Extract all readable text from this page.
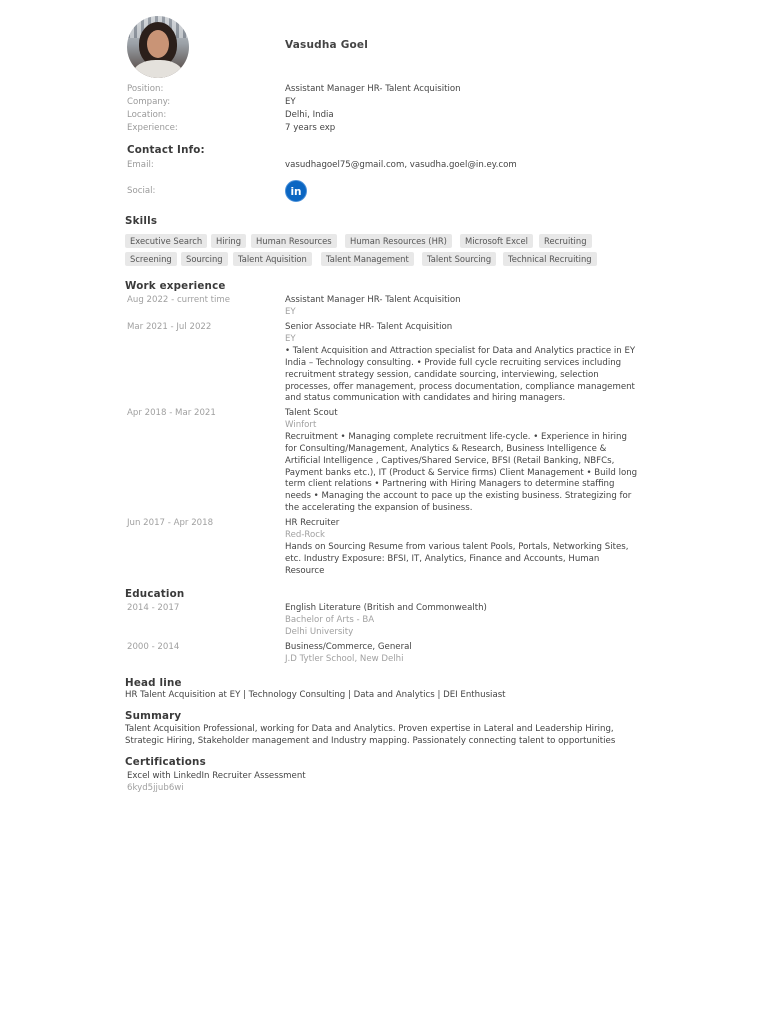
Vasudha Goel
Position:	Assistant Manager HR- Talent Acquisition
Company:	EY
Location:	Delhi, India
Experience:	7 years exp
Contact Info:
Email:	vasudhagoel75@gmail.com, vasudha.goel@in.ey.com
Social:	in
Skills
Executive Search	Hiring	Human Resources	Human Resources (HR)	Microsoft Excel	Recruiting
Screening	Sourcing	Talent Aquisition	Talent Management	Talent Sourcing	Technical Recruiting
Work experience
Aug 2022 - current time	Assistant Manager HR- Talent Acquisition
EY
Mar 2021 - Jul 2022	Senior Associate HR- Talent Acquisition
EY
• Talent Acquisition and Attraction specialist for Data and Analytics practice in EY India – Technology consulting. • Provide full cycle recruiting services including recruitment strategy session, candidate sourcing, interviewing, selection processes, offer management, process documentation, compliance management and status communication with candidates and hiring managers.
Apr 2018 - Mar 2021	Talent Scout
Winfort
Recruitment • Managing complete recruitment life-cycle. • Experience in hiring for Consulting/Management, Analytics & Research, Business Intelligence & Artificial Intelligence , Captives/Shared Service, BFSI (Retail Banking, NBFCs, Payment banks etc.), IT (Product & Service firms) Client Management • Build long term client relations • Partnering with Hiring Managers to determine staffing needs • Managing the account to pace up the existing business. Strategizing for the accelerating the expansion of business.
Jun 2017 - Apr 2018	HR Recruiter
Red-Rock
Hands on Sourcing Resume from various talent Pools, Portals, Networking Sites, etc. Industry Exposure: BFSI, IT, Analytics, Finance and Accounts, Human Resource
Education
2014 - 2017	English Literature (British and Commonwealth)
Bachelor of Arts - BA
Delhi University
2000 - 2014	Business/Commerce, General
J.D Tytler School, New Delhi
Head line
HR Talent Acquisition at EY | Technology Consulting | Data and Analytics | DEI Enthusiast
Summary
Talent Acquisition Professional, working for Data and Analytics. Proven expertise in Lateral and Leadership Hiring, Strategic Hiring, Stakeholder management and Industry mapping. Passionately connecting talent to opportunities
Certifications
Excel with LinkedIn Recruiter Assessment
6kyd5jjub6wi
